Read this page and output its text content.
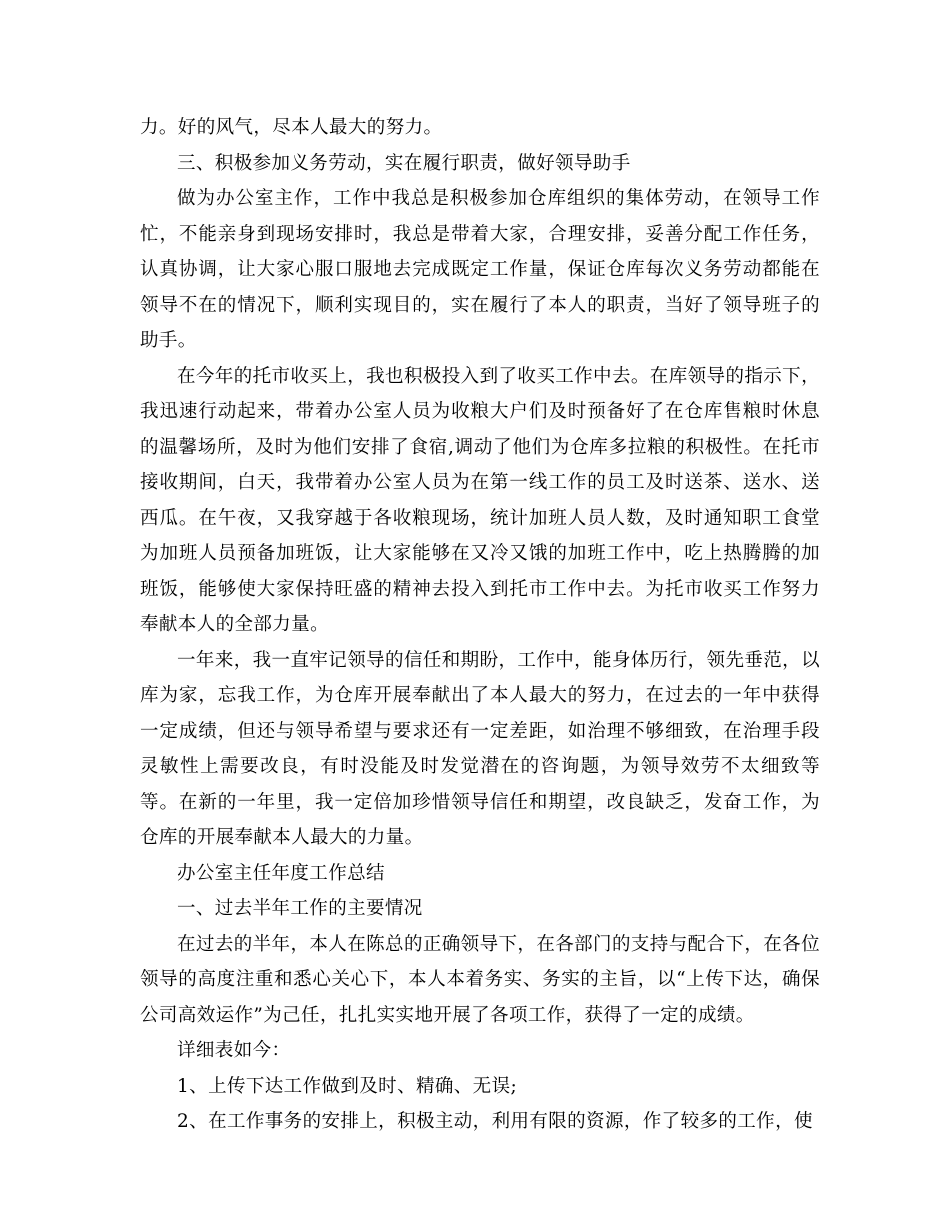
力。好的风气，尽本人最大的努力。

三、积极参加义务劳动，实在履行职责，做好领导助手

做为办公室主作，工作中我总是积极参加仓库组织的集体劳动，在领导工作忙，不能亲身到现场安排时，我总是带着大家，合理安排，妥善分配工作任务，认真协调，让大家心服口服地去完成既定工作量，保证仓库每次义务劳动都能在领导不在的情况下，顺利实现目的，实在履行了本人的职责，当好了领导班子的助手。

在今年的托市收买上，我也积极投入到了收买工作中去。在库领导的指示下，我迅速行动起来，带着办公室人员为收粮大户们及时预备好了在仓库售粮时休息的温馨场所，及时为他们安排了食宿,调动了他们为仓库多拉粮的积极性。在托市接收期间，白天，我带着办公室人员为在第一线工作的员工及时送茶、送水、送西瓜。在午夜，又我穿越于各收粮现场，统计加班人员人数，及时通知职工食堂为加班人员预备加班饭，让大家能够在又冷又饿的加班工作中，吃上热腾腾的加班饭，能够使大家保持旺盛的精神去投入到托市工作中去。为托市收买工作努力奉献本人的全部力量。

一年来，我一直牢记领导的信任和期盼，工作中，能身体历行，领先垂范，以库为家，忘我工作，为仓库开展奉献出了本人最大的努力，在过去的一年中获得一定成绩，但还与领导希望与要求还有一定差距，如治理不够细致，在治理手段灵敏性上需要改良，有时没能及时发觉潜在的咨询题，为领导效劳不太细致等等。在新的一年里，我一定倍加珍惜领导信任和期望，改良缺乏，发奋工作，为仓库的开展奉献本人最大的力量。

办公室主任年度工作总结

一、过去半年工作的主要情况

在过去的半年，本人在陈总的正确领导下，在各部门的支持与配合下，在各位领导的高度注重和悉心关心下，本人本着务实、务实的主旨，以“上传下达，确保公司高效运作”为己任，扎扎实实地开展了各项工作，获得了一定的成绩。

详细表如今：

1、上传下达工作做到及时、精确、无误;

2、在工作事务的安排上，积极主动，利用有限的资源，作了较多的工作，使
